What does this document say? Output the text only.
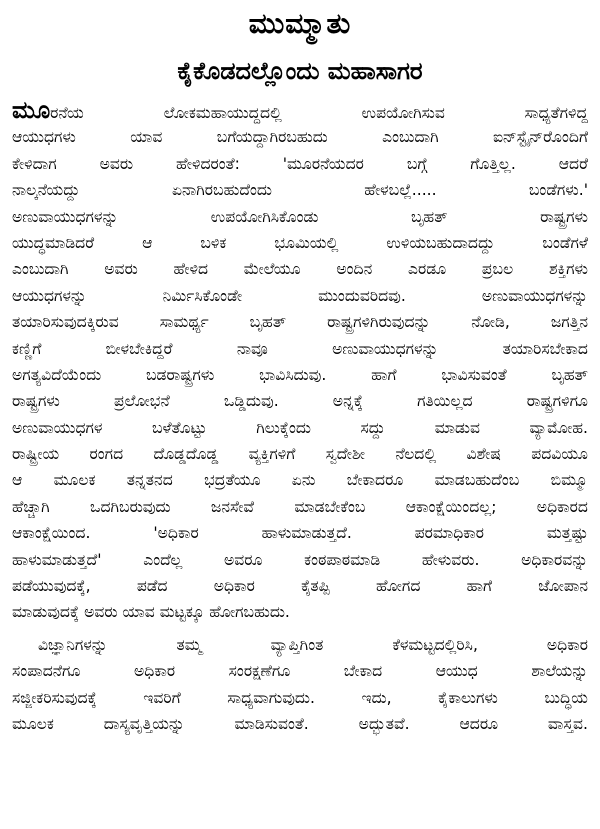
ಮುಮ್ಮಾತು
ಕೈಕೊಡದಲ್ಲೊಂದು ಮಹಾಸಾಗರ
ಮೂರನೆಯ ಲೋಕಮಹಾಯುದ್ಧದಲ್ಲಿ ಉಪಯೋಗಿಸುವ ಸಾಧ್ಯತೆಗಳಿದ್ದ
ಆಯುಧಗಳು ಯಾವ ಬಗೆಯದ್ದಾಗಿರಬಹುದು ಎಂಬುದಾಗಿ ಐನ್‌ಸ್ಟೈನ್‌ರೊಂದಿಗೆ
ಕೇಳಿದಾಗ ಅವರು ಹೇಳಿದರಂತೆ: 'ಮೂರನೆಯದರ ಬಗ್ಗೆ ಗೊತ್ತಿಲ್ಲ. ಆದರೆ
ನಾಲ್ಕನೆಯದ್ದು ಏನಾಗಿರಬಹುದೆಂದು ಹೇಳಬಲ್ಲೆ..... ಬಂಡೆಗಳು.'
ಅಣುವಾಯುಧಗಳನ್ನು ಉಪಯೋಗಿಸಿಕೊಂಡು ಬೃಹತ್ ರಾಷ್ಟ್ರಗಳು
ಯುದ್ಧಮಾಡಿದರೆ ಆ ಬಳಿಕ ಭೂಮಿಯಲ್ಲಿ ಉಳಿಯಬಹುದಾದದ್ದು ಬಂಡೆಗಳೆ
ಎಂಬುದಾಗಿ ಅವರು ಹೇಳಿದ ಮೇಲೆಯೂ ಅಂದಿನ ಎರಡೂ ಪ್ರಬಲ ಶಕ್ತಿಗಳು
ಆಯುಧಗಳನ್ನು ನಿರ್ಮಿಸಿಕೊಂಡೇ ಮುಂದುವರಿದವು. ಅಣುವಾಯುಧಗಳನ್ನು
ತಯಾರಿಸುವುದಕ್ಕಿರುವ ಸಾಮರ್ಥ್ಯ ಬೃಹತ್ ರಾಷ್ಟ್ರಗಳಿಗಿರುವುದನ್ನು ನೋಡಿ, ಜಗತ್ತಿನ
ಕಣ್ಣಿಗೆ ಬೀಳಬೇಕಿದ್ದರೆ ನಾವೂ ಅಣುವಾಯುಧಗಳನ್ನು ತಯಾರಿಸಬೇಕಾದ
ಅಗತ್ಯವಿದೆಯೆಂದು ಬಡರಾಷ್ಟ್ರಗಳು ಭಾವಿಸಿದುವು. ಹಾಗೆ ಭಾವಿಸುವಂತೆ ಬೃಹತ್
ರಾಷ್ಟ್ರಗಳು ಪ್ರಲೋಭನೆ ಒಡ್ಡಿದುವು. ಅನ್ನಕ್ಕೆ ಗತಿಯಿಲ್ಲದ ರಾಷ್ಟ್ರಗಳಿಗೂ
ಅಣುವಾಯುಧಗಳ ಬಳೆತೊಟ್ಟು ಗಿಲುಕ್ಕೆಂದು ಸದ್ದು ಮಾಡುವ ವ್ಯಾಮೋಹ.
ರಾಷ್ಟ್ರೀಯ ರಂಗದ ದೊಡ್ಡದೊಡ್ಡ ವ್ಯಕ್ತಿಗಳಿಗೆ ಸ್ವದೇಶೀ ನೆಲದಲ್ಲಿ ವಿಶೇಷ ಪದವಿಯೂ
ಆ ಮೂಲಕ ತನ್ನತನದ ಭದ್ರತೆಯೂ ಏನು ಬೇಕಾದರೂ ಮಾಡಬಹುದೆಂಬ ಬಿಮ್ಮೂ
ಹೆಚ್ಚಾಗಿ ಒದಗಿಬರುವುದು ಜನಸೇವೆ ಮಾಡಬೇಕೆಂಬ ಆಕಾಂಕ್ಷೆಯಿಂದಲ್ಲ; ಅಧಿಕಾರದ
ಆಕಾಂಕ್ಷೆಯಿಂದ. 'ಅಧಿಕಾರ ಹಾಳುಮಾಡುತ್ತದೆ. ಪರಮಾಧಿಕಾರ ಮತ್ತಷ್ಟು
ಹಾಳುಮಾಡುತ್ತದೆ' ಎಂದೆಲ್ಲ ಅವರೂ ಕಂಠಪಾಠಮಾಡಿ ಹೇಳುವರು. ಅಧಿಕಾರವನ್ನು
ಪಡೆಯುವುದಕ್ಕೆ, ಪಡೆದ ಅಧಿಕಾರ ಕೈತಪ್ಪಿ ಹೋಗದ ಹಾಗೆ ಜೋಪಾನ
ಮಾಡುವುದಕ್ಕೆ ಅವರು ಯಾವ ಮಟ್ಟಕ್ಕೂ ಹೋಗಬಹುದು.
ವಿಜ್ಞಾನಿಗಳನ್ನು ತಮ್ಮ ವ್ಯಾಪ್ತಿಗಿಂತ ಕೆಳಮಟ್ಟದಲ್ಲಿರಿಸಿ, ಅಧಿಕಾರ
ಸಂಪಾದನೆಗೂ ಅಧಿಕಾರ ಸಂರಕ್ಷಣೆಗೂ ಬೇಕಾದ ಆಯುಧ ಶಾಲೆಯನ್ನು
ಸಜ್ಜೀಕರಿಸುವುದಕ್ಕೆ ಇವರಿಗೆ ಸಾಧ್ಯವಾಗುವುದು. ಇದು, ಕೈಕಾಲುಗಳು ಬುದ್ಧಿಯ
ಮೂಲಕ ದಾಸ್ಯವೃತ್ತಿಯನ್ನು ಮಾಡಿಸುವಂತೆ. ಅದ್ಭುತವೆ. ಆದರೂ ವಾಸ್ತವ.
